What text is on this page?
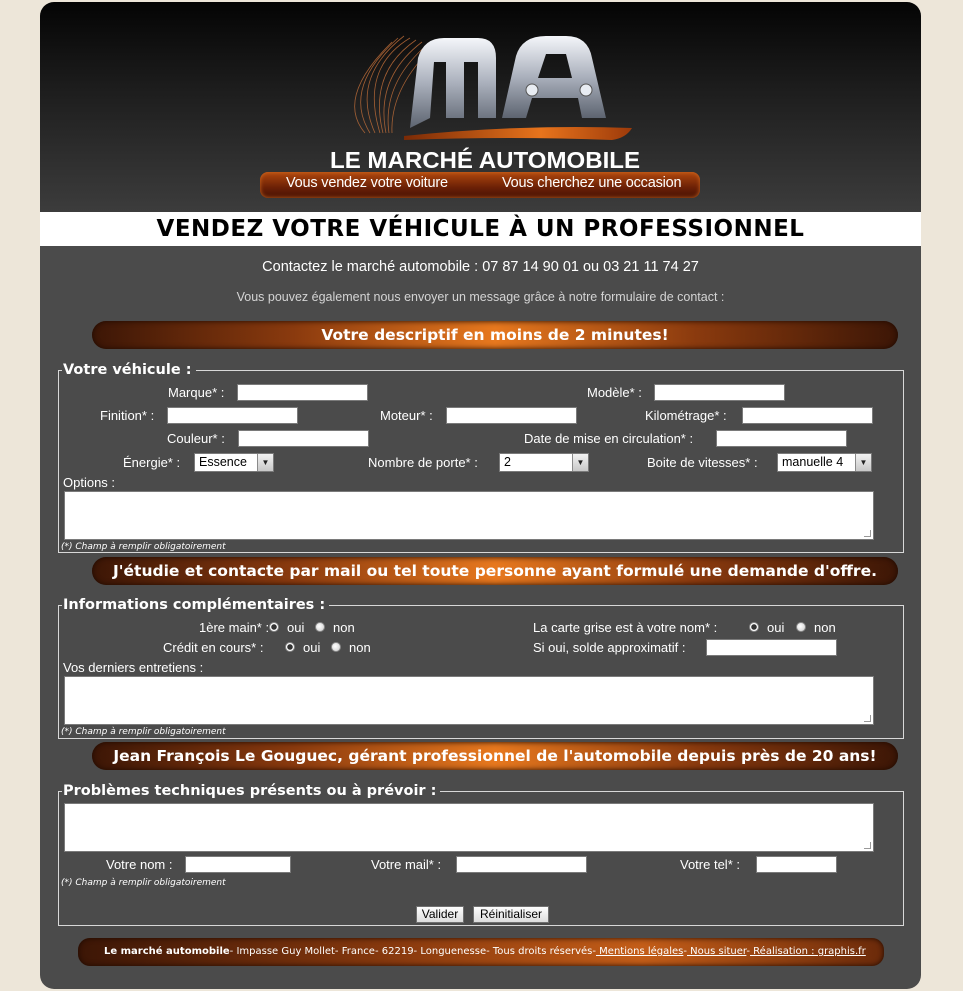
LE MARCHÉ AUTOMOBILE
Vous vendez votre voiture	Vous cherchez une occasion
VENDEZ VOTRE VÉHICULE À UN PROFESSIONNEL
Contactez le marché automobile : 07 87 14 90 01 ou 03 21 11 74 27
Vous pouvez également nous envoyer un message grâce à notre formulaire de contact :
Votre descriptif en moins de 2 minutes!
Votre véhicule :
Marque* :	Modèle* :
Finition* :	Moteur* :	Kilométrage* :
Couleur* :	Date de mise en circulation* :
Énergie* :	Essence	▼	Nombre de porte* :	2	▼	Boite de vitesses* :	manuelle 4	▼
Options :
(*) Champ à remplir obligatoirement
J'étudie et contacte par mail ou tel toute personne ayant formulé une demande d'offre.
Informations complémentaires :
1ère main* : oui non	La carte grise est à votre nom* :	oui non
Crédit en cours* :	oui non	Si oui, solde approximatif :
Vos derniers entretiens :
(*) Champ à remplir obligatoirement
Jean François Le Gouguec, gérant professionnel de l'automobile depuis près de 20 ans!
Problèmes techniques présents ou à prévoir :
Votre nom :	Votre mail* :	Votre tel* :
(*) Champ à remplir obligatoirement
Valider	Réinitialiser
Le marché automobile- Impasse Guy Mollet- France- 62219- Longuenesse- Tous droits réservés- Mentions légales- Nous situer- Réalisation : graphis.fr
